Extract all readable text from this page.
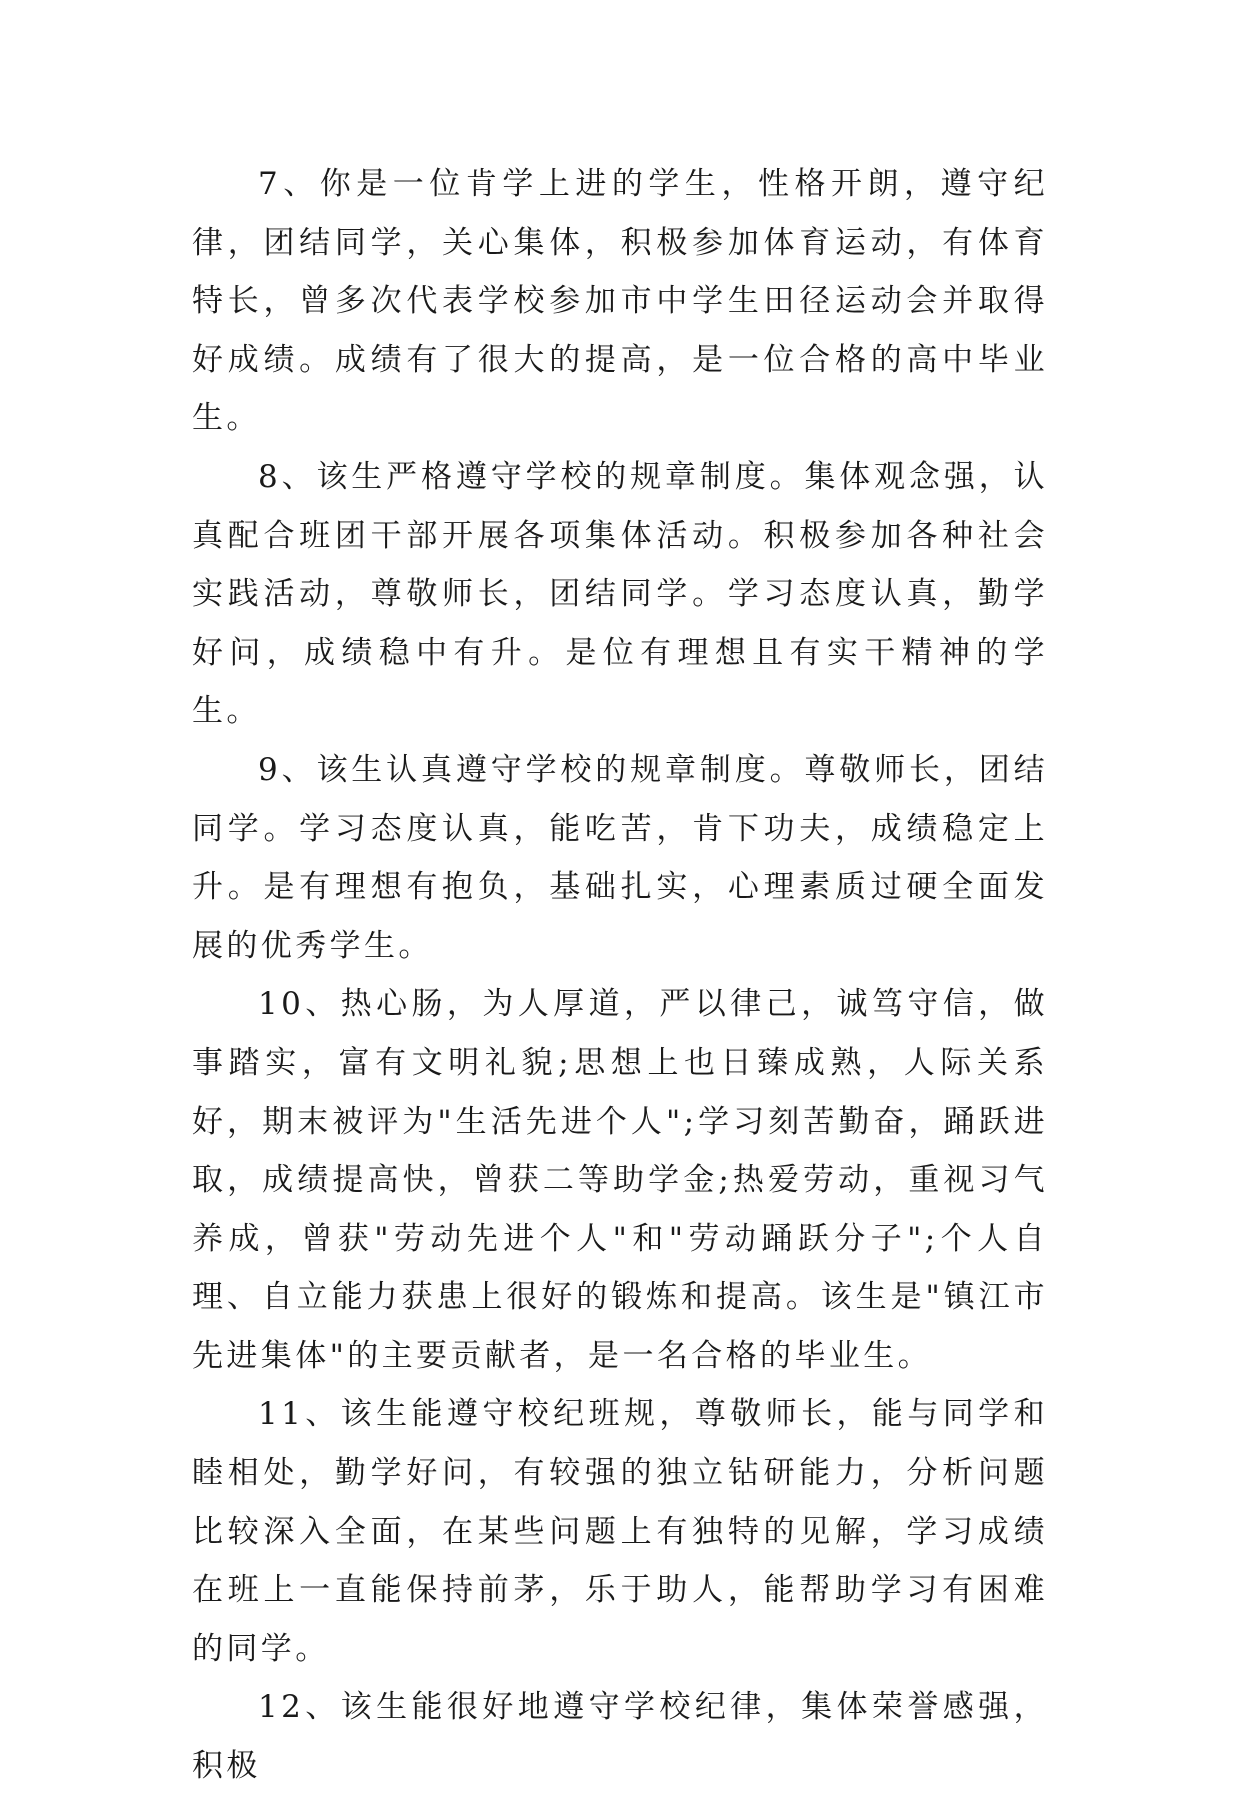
7、你是一位肯学上进的学生，性格开朗，遵守纪律，团结同学，关心集体，积极参加体育运动，有体育特长，曾多次代表学校参加市中学生田径运动会并取得好成绩。成绩有了很大的提高，是一位合格的高中毕业生。

8、该生严格遵守学校的规章制度。集体观念强，认真配合班团干部开展各项集体活动。积极参加各种社会实践活动，尊敬师长，团结同学。学习态度认真，勤学好问，成绩稳中有升。是位有理想且有实干精神的学生。

9、该生认真遵守学校的规章制度。尊敬师长，团结同学。学习态度认真，能吃苦，肯下功夫，成绩稳定上升。是有理想有抱负，基础扎实，心理素质过硬全面发展的优秀学生。

10、热心肠，为人厚道，严以律己，诚笃守信，做事踏实，富有文明礼貌;思想上也日臻成熟，人际关系好，期末被评为"生活先进个人";学习刻苦勤奋，踊跃进取，成绩提高快，曾获二等助学金;热爱劳动，重视习气养成，曾获"劳动先进个人"和"劳动踊跃分子";个人自理、自立能力获患上很好的锻炼和提高。该生是"镇江市先进集体"的主要贡献者，是一名合格的毕业生。

11、该生能遵守校纪班规，尊敬师长，能与同学和睦相处，勤学好问，有较强的独立钻研能力，分析问题比较深入全面，在某些问题上有独特的见解，学习成绩在班上一直能保持前茅，乐于助人，能帮助学习有困难的同学。

12、该生能很好地遵守学校纪律，集体荣誉感强，积极
